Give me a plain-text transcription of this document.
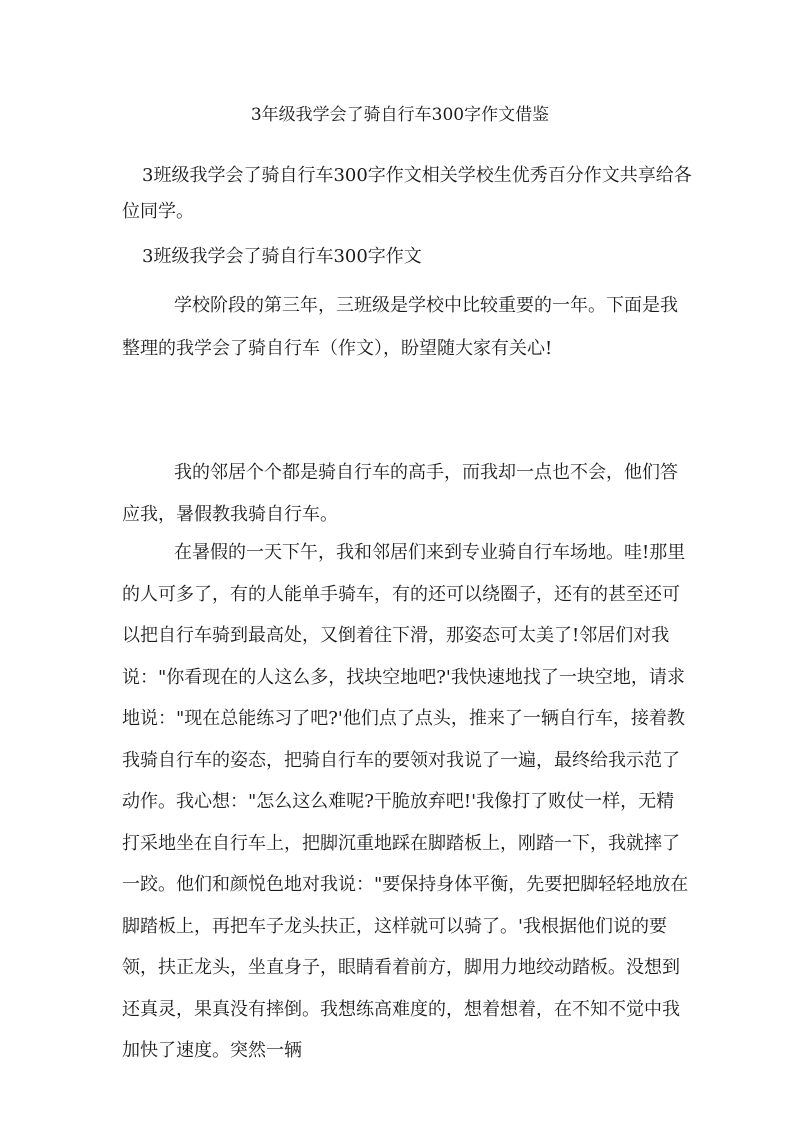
3年级我学会了骑自行车300字作文借鉴

3班级我学会了骑自行车300字作文相关学校生优秀百分作文共享给各位同学。

3班级我学会了骑自行车300字作文

学校阶段的第三年，三班级是学校中比较重要的一年。下面是我整理的我学会了骑自行车（作文），盼望随大家有关心!

我的邻居个个都是骑自行车的高手，而我却一点也不会，他们答应我，暑假教我骑自行车。

在暑假的一天下午，我和邻居们来到专业骑自行车场地。哇!那里的人可多了，有的人能单手骑车，有的还可以绕圈子，还有的甚至还可以把自行车骑到最高处，又倒着往下滑，那姿态可太美了!邻居们对我说："你看现在的人这么多，找块空地吧?'我快速地找了一块空地，请求地说："现在总能练习了吧?'他们点了点头，推来了一辆自行车，接着教我骑自行车的姿态，把骑自行车的要领对我说了一遍，最终给我示范了动作。我心想："怎么这么难呢?干脆放弃吧!'我像打了败仗一样，无精打采地坐在自行车上，把脚沉重地踩在脚踏板上，刚踏一下，我就摔了一跤。他们和颜悦色地对我说："要保持身体平衡，先要把脚轻轻地放在脚踏板上，再把车子龙头扶正，这样就可以骑了。'我根据他们说的要领，扶正龙头，坐直身子，眼睛看着前方，脚用力地绞动踏板。没想到还真灵，果真没有摔倒。我想练高难度的，想着想着，在不知不觉中我加快了速度。突然一辆
